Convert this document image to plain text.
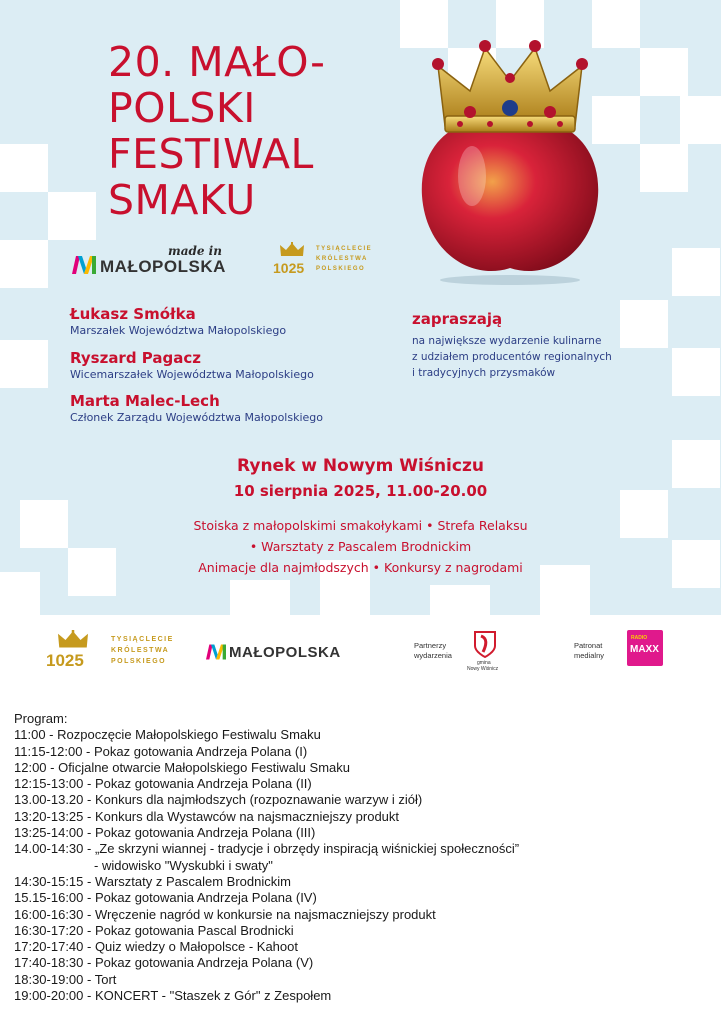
20. MAŁO-
POLSKI
FESTIWAL
SMAKU
made in
MAŁOPOLSKA	1025
TYSIĄCLECIE
KRÓLESTWA
POLSKIEGO
Łukasz Smółka
Marszałek Województwa Małopolskiego
Ryszard Pagacz
Wicemarszałek Województwa Małopolskiego
Marta Malec-Lech
Członek Zarządu Województwa Małopolskiego
zapraszają
na największe wydarzenie kulinarne
z udziałem producentów regionalnych
i tradycyjnych przysmaków
Rynek w Nowym Wiśniczu
10 sierpnia 2025, 11.00-20.00
Stoiska z małopolskimi smakołykami • Strefa Relaksu
• Warsztaty z Pascalem Brodnickim
Animacje dla najmłodszych • Konkursy z nagrodami
1025
TYSIĄCLECIE
KRÓLESTWA
POLSKIEGO
MAŁOPOLSKA	Partnerzy
wydarzenia
gmina
Nowy Wiśnicz
Patronat
medialny
RADIO
MAXX
Program:
11:00 - Rozpoczęcie Małopolskiego Festiwalu Smaku
11:15-12:00 - Pokaz gotowania Andrzeja Polana (I)
12:00 - Oficjalne otwarcie Małopolskiego Festiwalu Smaku
12:15-13:00 - Pokaz gotowania Andrzeja Polana (II)
13.00-13.20 - Konkurs dla najmłodszych (rozpoznawanie warzyw i ziół)
13:20-13:25 - Konkurs dla Wystawców na najsmaczniejszy produkt
13:25-14:00 - Pokaz gotowania Andrzeja Polana (III)
14.00-14:30 - „Ze skrzyni wiannej - tradycje i obrzędy inspiracją wiśnickiej społeczności”
- widowisko "Wyskubki i swaty"
14:30-15:15 - Warsztaty z Pascalem Brodnickim
15.15-16:00 - Pokaz gotowania Andrzeja Polana (IV)
16:00-16:30 - Wręczenie nagród w konkursie na najsmaczniejszy produkt
16:30-17:20 - Pokaz gotowania Pascal Brodnicki
17:20-17:40 - Quiz wiedzy o Małopolsce - Kahoot
17:40-18:30 - Pokaz gotowania Andrzeja Polana (V)
18:30-19:00 - Tort
19:00-20:00 - KONCERT - "Staszek z Gór" z Zespołem
